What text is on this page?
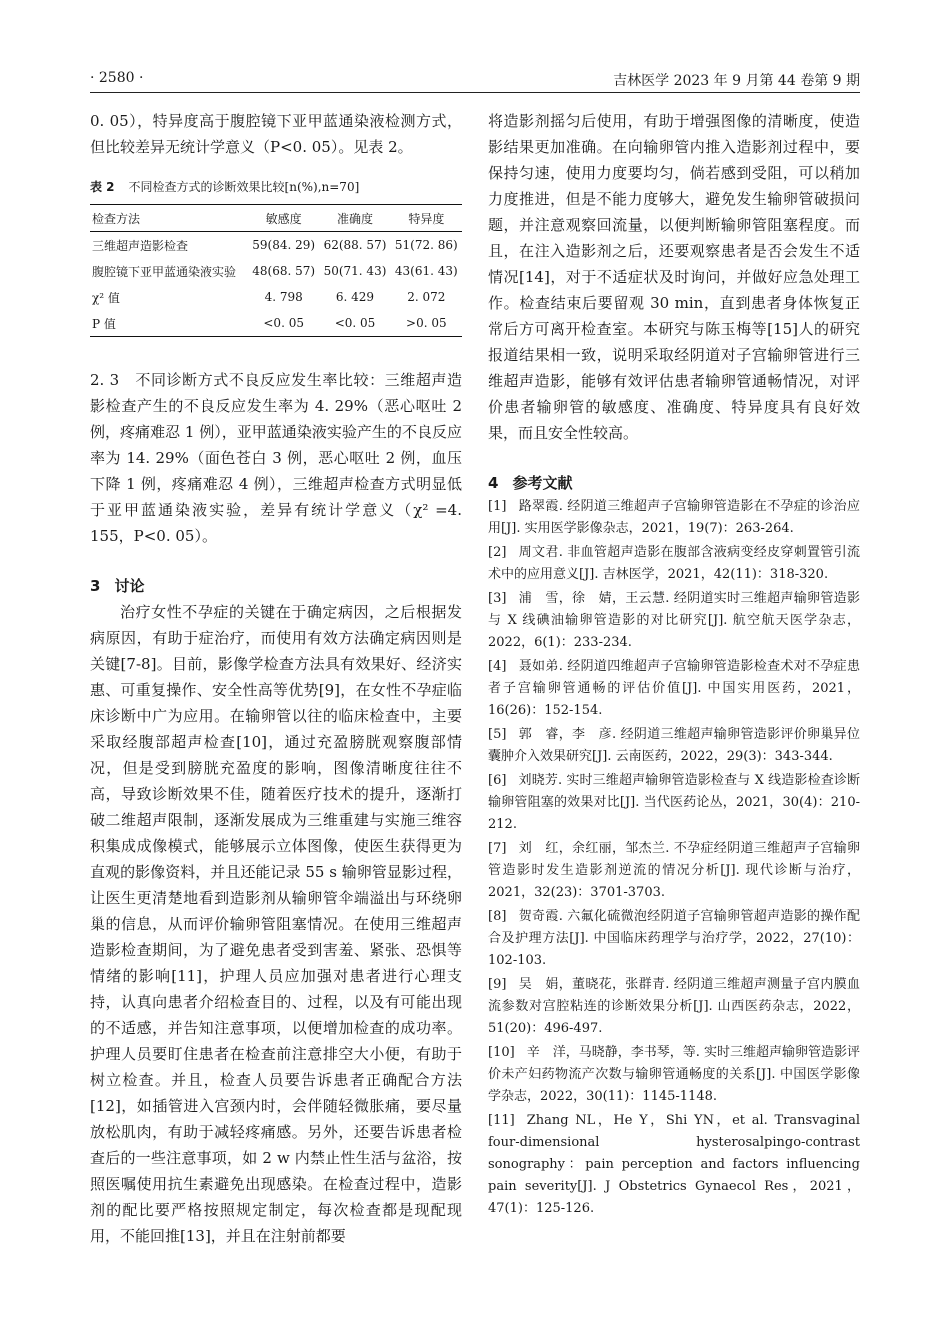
· 2580 ·	吉林医学 2023 年 9 月第 44 卷第 9 期

0. 05），特异度高于腹腔镜下亚甲蓝通染液检测方式，但比较差异无统计学意义（P<0. 05）。见表 2。

表 2 不同检查方式的诊断效果比较[n(%),n=70]
检查方法	敏感度	准确度	特异度
三维超声造影检查	59(84. 29)	62(88. 57)	51(72. 86)
腹腔镜下亚甲蓝通染液实验	48(68. 57)	50(71. 43)	43(61. 43)
χ² 值	4. 798	6. 429	2. 072
P 值	<0. 05	<0. 05	>0. 05

2. 3　不同诊断方式不良反应发生率比较：三维超声造影检查产生的不良反应发生率为 4. 29%（恶心呕吐 2 例，疼痛难忍 1 例），亚甲蓝通染液实验产生的不良反应率为 14. 29%（面色苍白 3 例，恶心呕吐 2 例，血压下降 1 例，疼痛难忍 4 例），三维超声检查方式明显低于亚甲蓝通染液实验，差异有统计学意义（χ² =4. 155，P<0. 05）。

3 讨论

治疗女性不孕症的关键在于确定病因，之后根据发病原因，有助于症治疗，而使用有效方法确定病因则是关键[7-8]。目前，影像学检查方法具有效果好、经济实惠、可重复操作、安全性高等优势[9]，在女性不孕症临床诊断中广为应用。在输卵管以往的临床检查中，主要采取经腹部超声检查[10]，通过充盈膀胱观察腹部情况，但是受到膀胱充盈度的影响，图像清晰度往往不高，导致诊断效果不佳，随着医疗技术的提升，逐渐打破二维超声限制，逐渐发展成为三维重建与实施三维容积集成成像模式，能够展示立体图像，使医生获得更为直观的影像资料，并且还能记录 55 s 输卵管显影过程，让医生更清楚地看到造影剂从输卵管伞端溢出与环绕卵巢的信息，从而评价输卵管阻塞情况。在使用三维超声造影检查期间，为了避免患者受到害羞、紧张、恐惧等情绪的影响[11]，护理人员应加强对患者进行心理支持，认真向患者介绍检查目的、过程，以及有可能出现的不适感，并告知注意事项，以便增加检查的成功率。护理人员要盯住患者在检查前注意排空大小便，有助于树立检查。并且，检查人员要告诉患者正确配合方法[12]，如插管进入宫颈内时，会伴随轻微胀痛，要尽量放松肌肉，有助于减轻疼痛感。另外，还要告诉患者检查后的一些注意事项，如 2 w 内禁止性生活与盆浴，按照医嘱使用抗生素避免出现感染。在检查过程中，造影剂的配比要严格按照规定制定，每次检查都是现配现用，不能回推[13]，并且在注射前都要

将造影剂摇匀后使用，有助于增强图像的清晰度，使造影结果更加准确。在向输卵管内推入造影剂过程中，要保持匀速，使用力度要均匀，倘若感到受阻，可以稍加力度推进，但是不能力度够大，避免发生输卵管破损问题，并注意观察回流量，以便判断输卵管阻塞程度。而且，在注入造影剂之后，还要观察患者是否会发生不适情况[14]，对于不适症状及时询问，并做好应急处理工作。检查结束后要留观 30 min，直到患者身体恢复正常后方可离开检查室。本研究与陈玉梅等[15]人的研究报道结果相一致，说明采取经阴道对子宫输卵管进行三维超声造影，能够有效评估患者输卵管通畅情况，对评价患者输卵管的敏感度、准确度、特异度具有良好效果，而且安全性较高。

4 参考文献

[1] 路翠霞. 经阴道三维超声子宫输卵管造影在不孕症的诊治应用[J]. 实用医学影像杂志，2021，19(7)：263-264.

[2] 周文君. 非血管超声造影在腹部含液病变经皮穿刺置管引流术中的应用意义[J]. 吉林医学，2021，42(11)：318-320.

[3] 浦　雪，徐　婧，王云慧. 经阴道实时三维超声输卵管造影与 X 线碘油输卵管造影的对比研究[J]. 航空航天医学杂志，2022，6(1)：233-234.

[4] 聂如弟. 经阴道四维超声子宫输卵管造影检查术对不孕症患者子宫输卵管通畅的评估价值[J]. 中国实用医药，2021，16(26)：152-154.

[5] 郭　睿，李　彦. 经阴道三维超声输卵管造影评价卵巢异位囊肿介入效果研究[J]. 云南医药，2022，29(3)：343-344.

[6] 刘晓芳. 实时三维超声输卵管造影检查与 X 线造影检查诊断输卵管阻塞的效果对比[J]. 当代医药论丛，2021，30(4)：210-212.

[7] 刘　红，余红丽，邹杰兰. 不孕症经阴道三维超声子宫输卵管造影时发生造影剂逆流的情况分析[J]. 现代诊断与治疗，2021，32(23)：3701-3703.

[8] 贺奇霞. 六氟化硫微泡经阴道子宫输卵管超声造影的操作配合及护理方法[J]. 中国临床药理学与治疗学，2022，27(10)：102-103.

[9] 吴　娟，董晓花，张群青. 经阴道三维超声测量子宫内膜血流参数对宫腔粘连的诊断效果分析[J]. 山西医药杂志，2022，51(20)：496-497.

[10] 辛　洋，马晓静，李书琴，等. 实时三维超声输卵管造影评价未产妇药物流产次数与输卵管通畅度的关系[J]. 中国医学影像学杂志，2022，30(11)：1145-1148.

[11] Zhang NL，He Y，Shi YN，et al. Transvaginal four-dimensional hysterosalpingo-contrast sonography：pain perception and factors influencing pain severity[J]. J Obstetrics Gynaecol Res，2021，47(1)：125-126.
